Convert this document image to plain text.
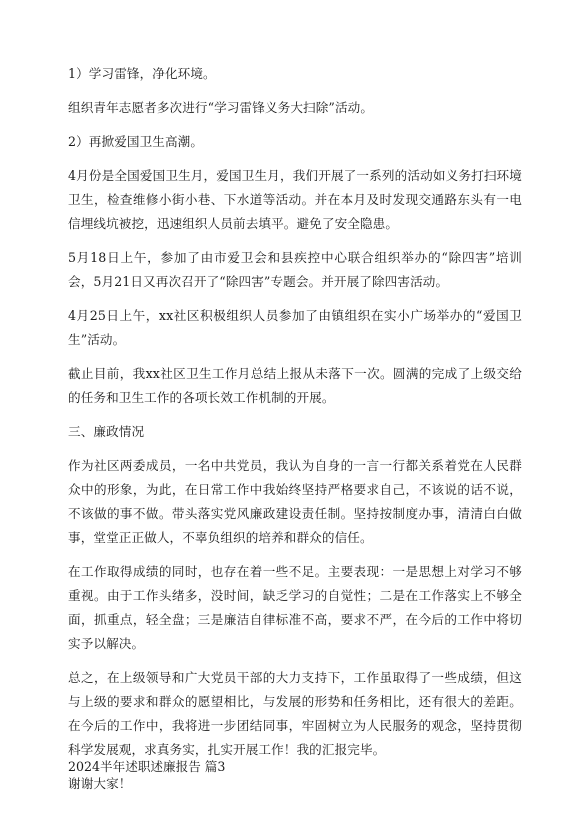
1）学习雷锋，净化环境。

组织青年志愿者多次进行“学习雷锋义务大扫除”活动。

2）再掀爱国卫生高潮。

4月份是全国爱国卫生月，爱国卫生月，我们开展了一系列的活动如义务打扫环境卫生，检查维修小街小巷、下水道等活动。并在本月及时发现交通路东头有一电信埋线坑被挖，迅速组织人员前去填平。避免了安全隐患。

5月18日上午，参加了由市爱卫会和县疾控中心联合组织举办的“除四害”培训会，5月21日又再次召开了“除四害”专题会。并开展了除四害活动。

4月25日上午，xx社区积极组织人员参加了由镇组织在实小广场举办的“爱国卫生”活动。

截止目前，我xx社区卫生工作月总结上报从未落下一次。圆满的完成了上级交给的任务和卫生工作的各项长效工作机制的开展。

三、廉政情况

作为社区两委成员，一名中共党员，我认为自身的一言一行都关系着党在人民群众中的形象，为此，在日常工作中我始终坚持严格要求自己，不该说的话不说，不该做的事不做。带头落实党风廉政建设责任制。坚持按制度办事，清清白白做事，堂堂正正做人，不辜负组织的培养和群众的信任。

在工作取得成绩的同时，也存在着一些不足。主要表现：一是思想上对学习不够重视。由于工作头绪多，没时间，缺乏学习的自觉性；二是在工作落实上不够全面，抓重点，轻全盘；三是廉洁自律标准不高，要求不严，在今后的工作中将切实予以解决。

总之，在上级领导和广大党员干部的大力支持下，工作虽取得了一些成绩，但这与上级的要求和群众的愿望相比，与发展的形势和任务相比，还有很大的差距。在今后的工作中，我将进一步团结同事，牢固树立为人民服务的观念，坚持贯彻科学发展观，求真务实，扎实开展工作！我的汇报完毕。

谢谢大家！

2024半年述职述廉报告 篇3
